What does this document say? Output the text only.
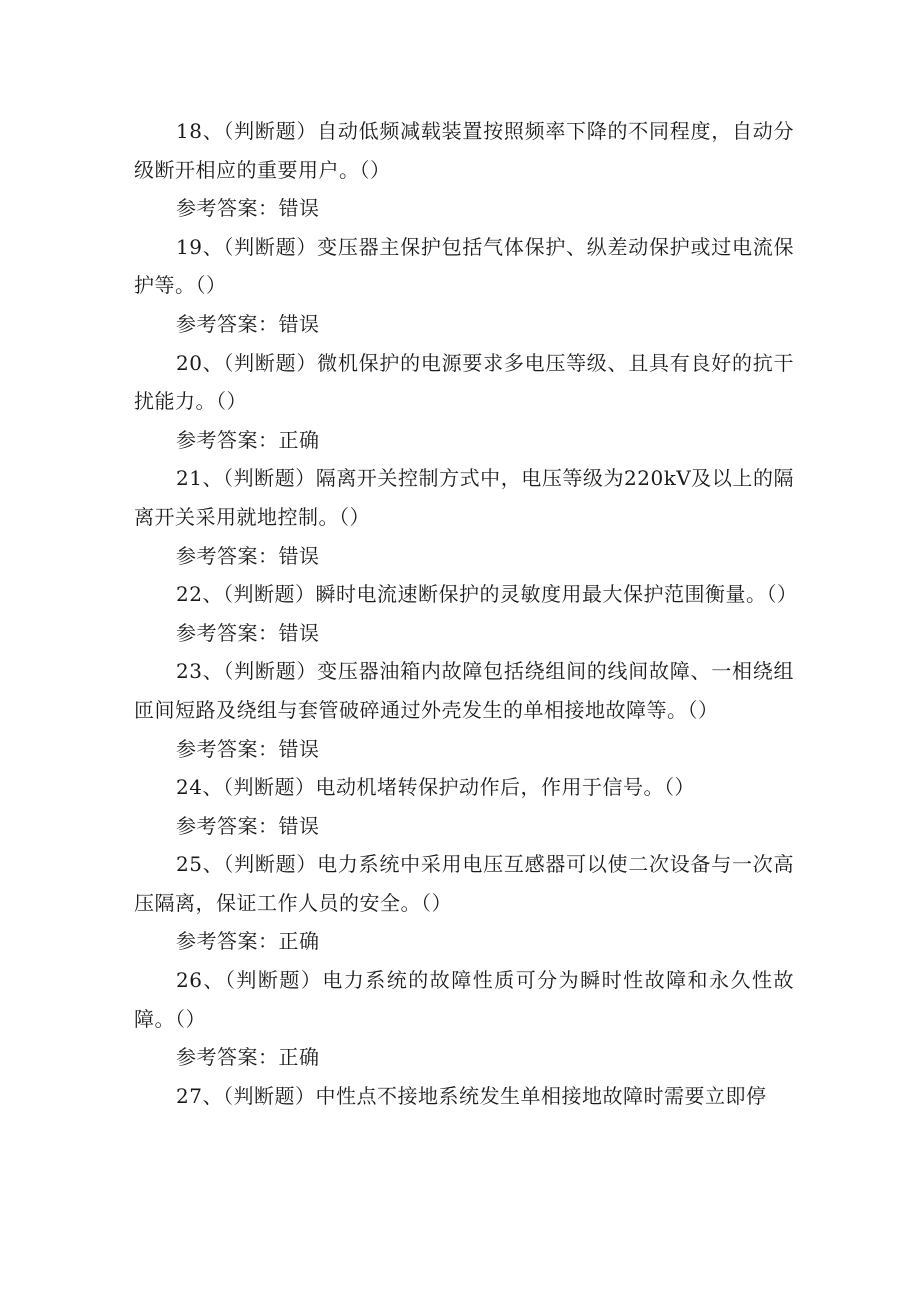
18、（判断题）自动低频减载装置按照频率下降的不同程度，自动分级断开相应的重要用户。（）

参考答案：错误

19、（判断题）变压器主保护包括气体保护、纵差动保护或过电流保护等。（）

参考答案：错误

20、（判断题）微机保护的电源要求多电压等级、且具有良好的抗干扰能力。（）

参考答案：正确

21、（判断题）隔离开关控制方式中，电压等级为220kV及以上的隔离开关采用就地控制。（）

参考答案：错误

22、（判断题）瞬时电流速断保护的灵敏度用最大保护范围衡量。（）

参考答案：错误

23、（判断题）变压器油箱内故障包括绕组间的线间故障、一相绕组匝间短路及绕组与套管破碎通过外壳发生的单相接地故障等。（）

参考答案：错误

24、（判断题）电动机堵转保护动作后，作用于信号。（）

参考答案：错误

25、（判断题）电力系统中采用电压互感器可以使二次设备与一次高压隔离，保证工作人员的安全。（）

参考答案：正确

26、（判断题）电力系统的故障性质可分为瞬时性故障和永久性故障。（）

参考答案：正确

27、（判断题）中性点不接地系统发生单相接地故障时需要立即停
